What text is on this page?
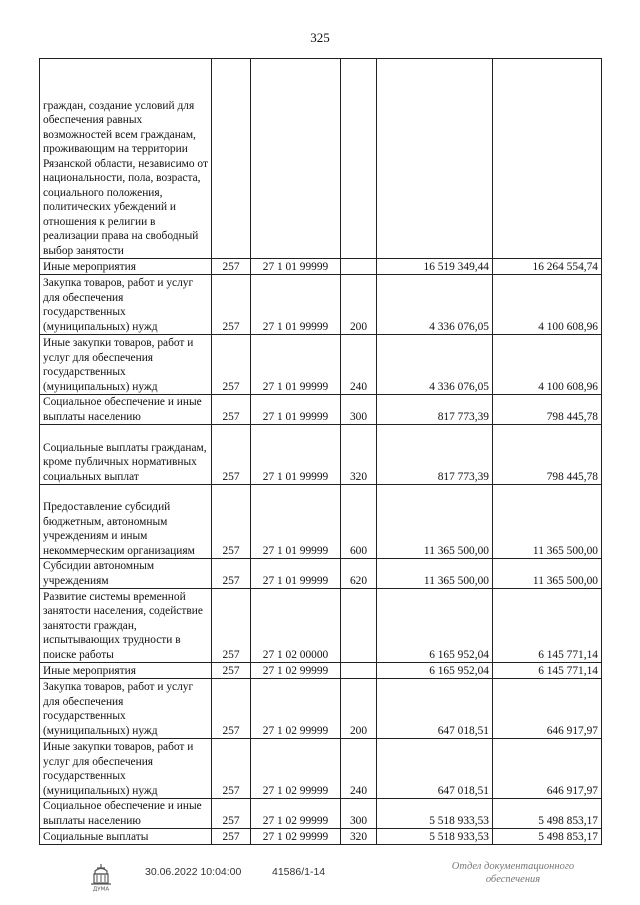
325
граждан, создание условий для обеспечения равных возможностей всем гражданам, проживающим на территории Рязанской области, независимо от национальности, пола, возраста, социального положения, политических убеждений и отношения к религии в реализации права на свободный выбор занятости					
Иные мероприятия	257	27 1 01 99999		16 519 349,44	16 264 554,74
Закупка товаров, работ и услуг для обеспечения государственных (муниципальных) нужд	257	27 1 01 99999	200	4 336 076,05	4 100 608,96
Иные закупки товаров, работ и услуг для обеспечения государственных (муниципальных) нужд	257	27 1 01 99999	240	4 336 076,05	4 100 608,96
Социальное обеспечение и иные выплаты населению	257	27 1 01 99999	300	817 773,39	798 445,78
Социальные выплаты гражданам, кроме публичных нормативных социальных выплат	257	27 1 01 99999	320	817 773,39	798 445,78
Предоставление субсидий бюджетным, автономным учреждениям и иным некоммерческим организациям	257	27 1 01 99999	600	11 365 500,00	11 365 500,00
Субсидии автономным учреждениям	257	27 1 01 99999	620	11 365 500,00	11 365 500,00
Развитие системы временной занятости населения, содействие занятости граждан, испытывающих трудности в поиске работы	257	27 1 02 00000		6 165 952,04	6 145 771,14
Иные мероприятия	257	27 1 02 99999		6 165 952,04	6 145 771,14
Закупка товаров, работ и услуг для обеспечения государственных (муниципальных) нужд	257	27 1 02 99999	200	647 018,51	646 917,97
Иные закупки товаров, работ и услуг для обеспечения государственных (муниципальных) нужд	257	27 1 02 99999	240	647 018,51	646 917,97
Социальное обеспечение и иные выплаты населению	257	27 1 02 99999	300	5 518 933,53	5 498 853,17
Социальные выплаты	257	27 1 02 99999	320	5 518 933,53	5 498 853,17
ДУМА
30.06.2022 10:04:00	41586/1-14	Отдел документационного
обеспечения
